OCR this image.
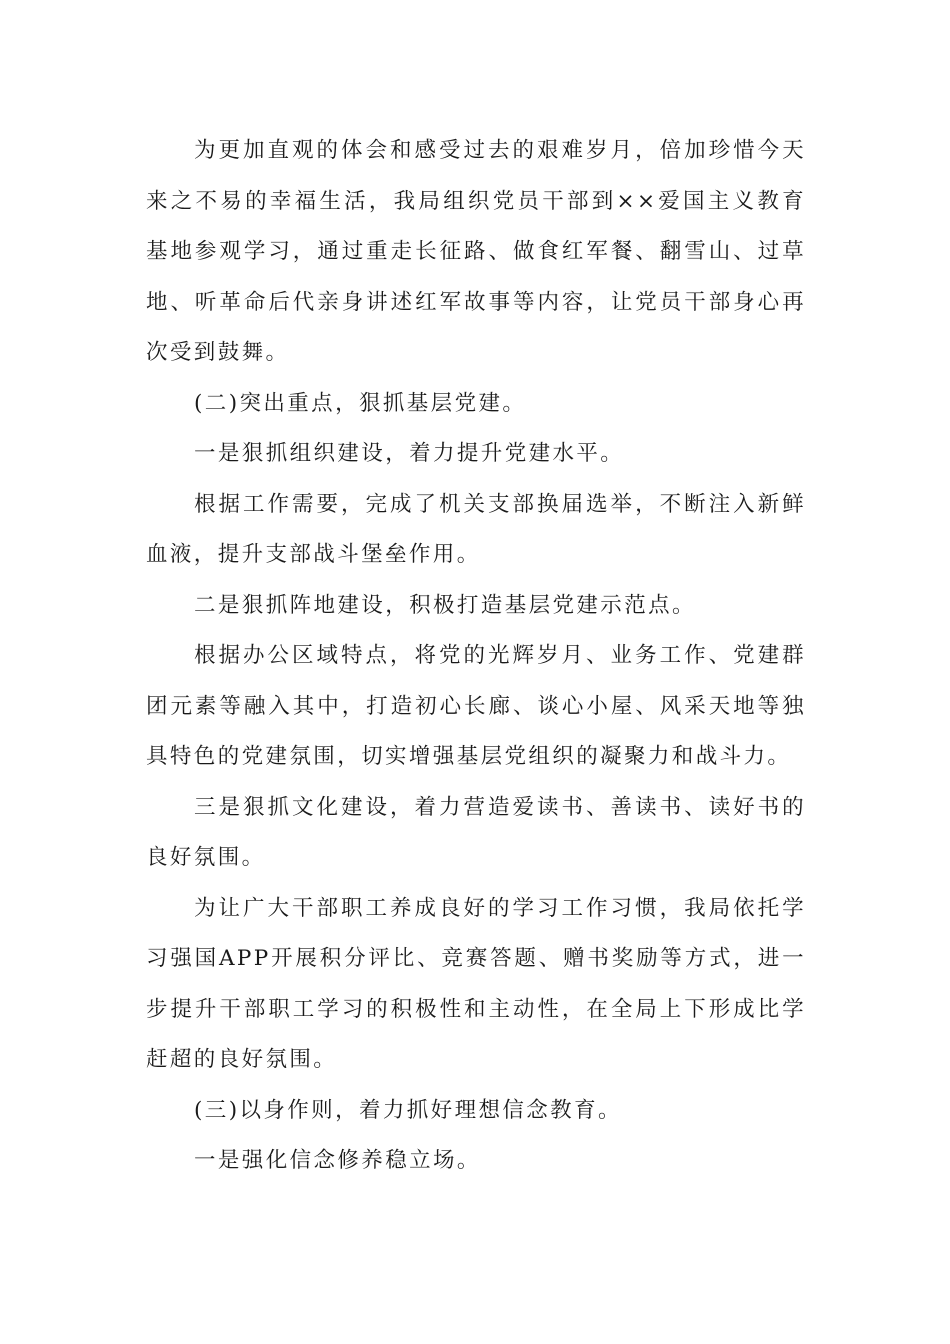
为更加直观的体会和感受过去的艰难岁月，倍加珍惜今天来之不易的幸福生活，我局组织党员干部到××爱国主义教育基地参观学习，通过重走长征路、做食红军餐、翻雪山、过草地、听革命后代亲身讲述红军故事等内容，让党员干部身心再次受到鼓舞。

(二)突出重点，狠抓基层党建。

一是狠抓组织建设，着力提升党建水平。

根据工作需要，完成了机关支部换届选举，不断注入新鲜血液，提升支部战斗堡垒作用。

二是狠抓阵地建设，积极打造基层党建示范点。

根据办公区域特点，将党的光辉岁月、业务工作、党建群团元素等融入其中，打造初心长廊、谈心小屋、风采天地等独具特色的党建氛围，切实增强基层党组织的凝聚力和战斗力。

三是狠抓文化建设，着力营造爱读书、善读书、读好书的良好氛围。

为让广大干部职工养成良好的学习工作习惯，我局依托学习强国APP开展积分评比、竞赛答题、赠书奖励等方式，进一步提升干部职工学习的积极性和主动性，在全局上下形成比学赶超的良好氛围。

(三)以身作则，着力抓好理想信念教育。

一是强化信念修养稳立场。
